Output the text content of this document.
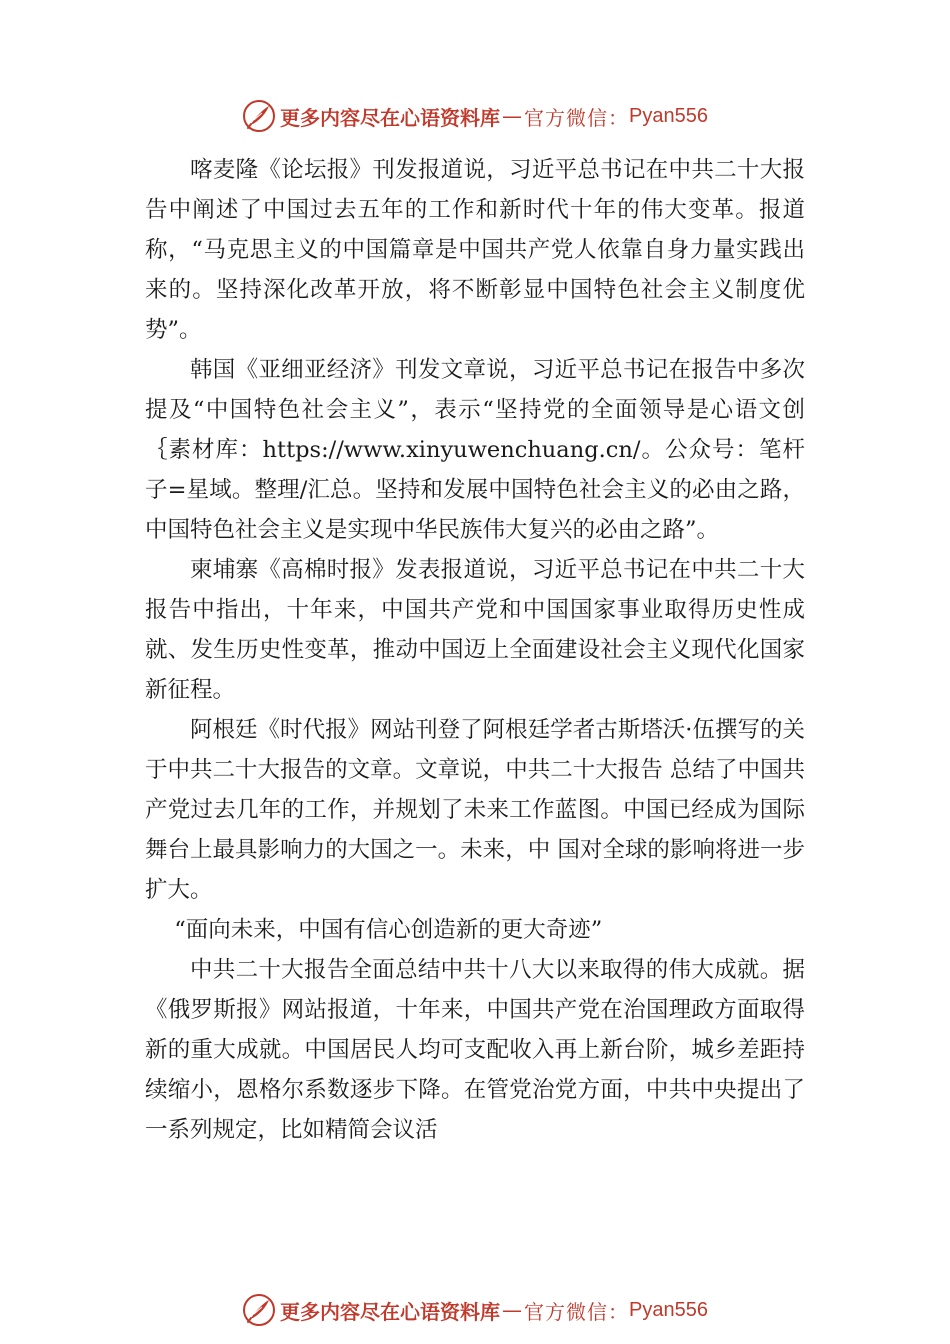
更多内容尽在心语资料库 — 官方微信： Pyan556

喀麦隆《论坛报》刊发报道说，习近平总书记在中共二十大报告中阐述了中国过去五年的工作和新时代十年的伟大变革。报道称，“马克思主义的中国篇章是中国共产党人依靠自身力量实践出来的。坚持深化改革开放，将不断彰显中国特色社会主义制度优势”。

韩国《亚细亚经济》刊发文章说，习近平总书记在报告中多次提及“中国特色社会主义”，表示“坚持党的全面领导是心语文创｛素材库：https://www.xinyuwenchuang.cn/。公众号：笔杆子=星域。整理/汇总。坚持和发展中国特色社会主义的必由之路，中国特色社会主义是实现中华民族伟大复兴的必由之路”。

柬埔寨《高棉时报》发表报道说，习近平总书记在中共二十大报告中指出，十年来，中国共产党和中国国家事业取得历史性成就、发生历史性变革，推动中国迈上全面建设社会主义现代化国家新征程。

阿根廷《时代报》网站刊登了阿根廷学者古斯塔沃·伍撰写的关于中共二十大报告的文章。文章说，中共二十大报告 总结了中国共产党过去几年的工作，并规划了未来工作蓝图。中国已经成为国际舞台上最具影响力的大国之一。未来，中 国对全球的影响将进一步扩大。

“面向未来，中国有信心创造新的更大奇迹”

中共二十大报告全面总结中共十八大以来取得的伟大成就。据《俄罗斯报》网站报道，十年来，中国共产党在治国理政方面取得新的重大成就。中国居民人均可支配收入再上新台阶，城乡差距持续缩小，恩格尔系数逐步下降。在管党治党方面，中共中央提出了一系列规定，比如精简会议活

更多内容尽在心语资料库 — 官方微信： Pyan556
